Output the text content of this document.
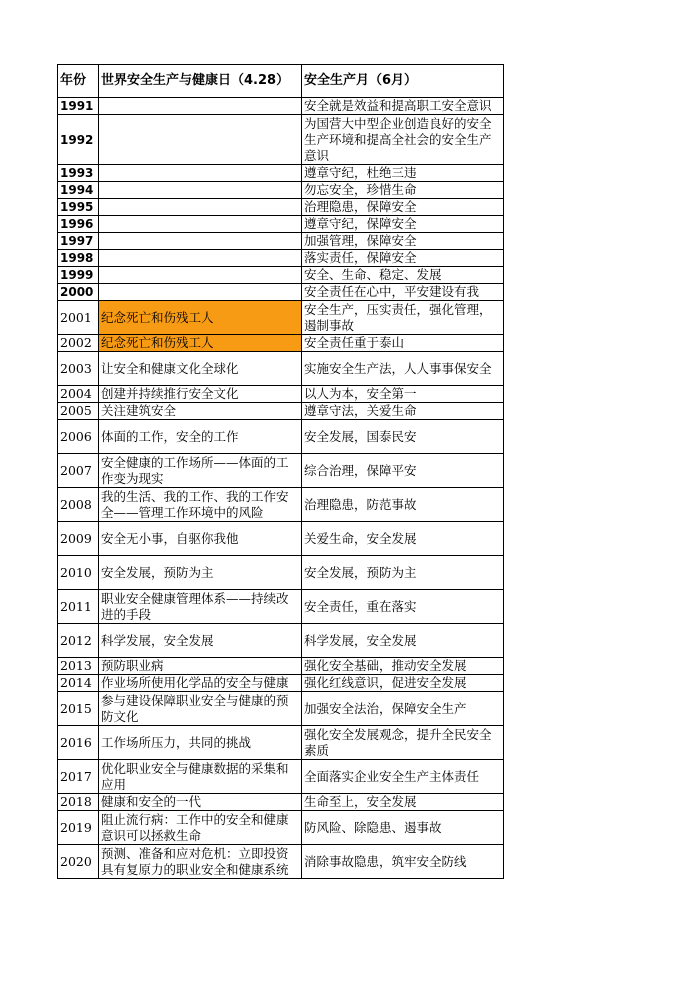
年份	世界安全生产与健康日（4.28）	安全生产月（6月）
1991		安全就是效益和提高职工安全意识
1992		为国营大中型企业创造良好的安全生产环境和提高全社会的安全生产意识
1993		遵章守纪，杜绝三违
1994		勿忘安全，珍惜生命
1995		治理隐患，保障安全
1996		遵章守纪，保障安全
1997		加强管理，保障安全
1998		落实责任，保障安全
1999		安全、生命、稳定、发展
2000		安全责任在心中，平安建设有我
2001	纪念死亡和伤残工人	安全生产，压实责任，强化管理，遏制事故
2002	纪念死亡和伤残工人	安全责任重于泰山
2003	让安全和健康文化全球化	实施安全生产法，人人事事保安全
2004	创建并持续推行安全文化	以人为本，安全第一
2005	关注建筑安全	遵章守法，关爱生命
2006	体面的工作，安全的工作	安全发展，国泰民安
2007	安全健康的工作场所——体面的工作变为现实	综合治理，保障平安
2008	我的生活、我的工作、我的工作安全——管理工作环境中的风险	治理隐患，防范事故
2009	安全无小事，自驱你我他	关爱生命，安全发展
2010	安全发展，预防为主	安全发展，预防为主
2011	职业安全健康管理体系——持续改进的手段	安全责任，重在落实
2012	科学发展，安全发展	科学发展，安全发展
2013	预防职业病	强化安全基础，推动安全发展
2014	作业场所使用化学品的安全与健康	强化红线意识，促进安全发展
2015	参与建设保障职业安全与健康的预防文化	加强安全法治，保障安全生产
2016	工作场所压力，共同的挑战	强化安全发展观念，提升全民安全素质
2017	优化职业安全与健康数据的采集和应用	全面落实企业安全生产主体责任
2018	健康和安全的一代	生命至上，安全发展
2019	阻止流行病：工作中的安全和健康意识可以拯救生命	防风险、除隐患、遏事故
2020	预测、准备和应对危机：立即投资具有复原力的职业安全和健康系统	消除事故隐患，筑牢安全防线
